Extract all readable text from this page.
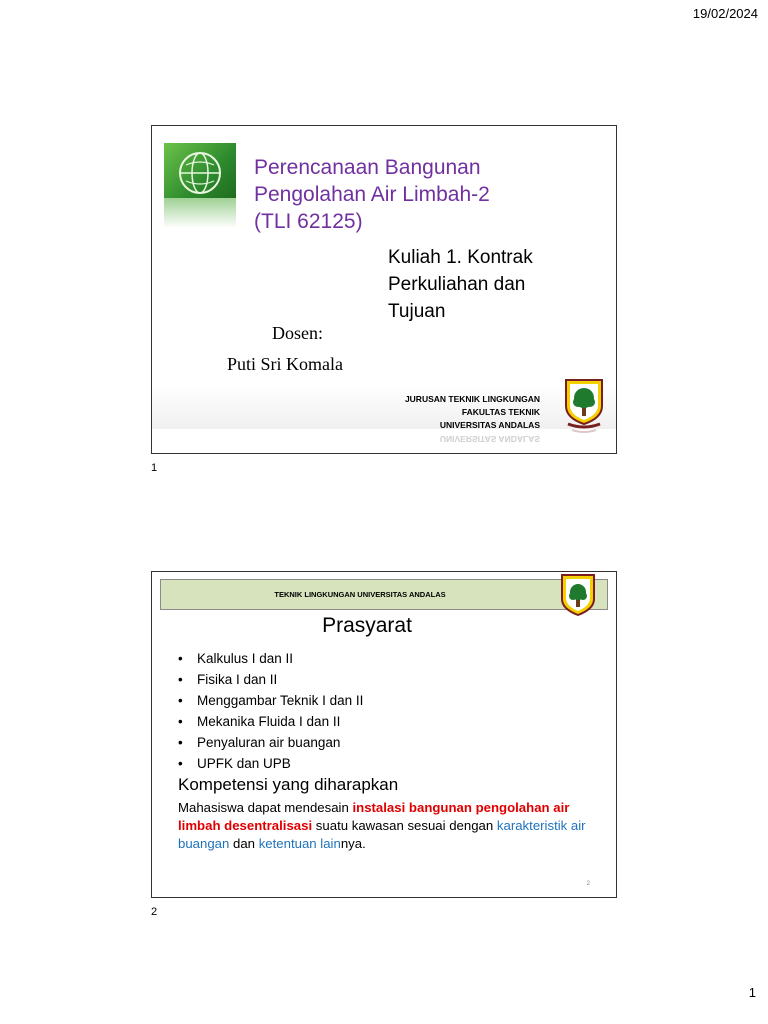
19/02/2024
Perencanaan Bangunan
Pengolahan Air Limbah-2
(TLI 62125)
Kuliah 1. Kontrak
Perkuliahan dan
Tujuan
Dosen:
Puti Sri Komala
JURUSAN TEKNIK LINGKUNGAN
FAKULTAS TEKNIK
UNIVERSITAS ANDALAS
UNIVERSITAS ANDALAS
1
TEKNIK LINGKUNGAN UNIVERSITAS ANDALAS
Prasyarat
• Kalkulus I dan II
• Fisika I dan II
• Menggambar Teknik I dan II
• Mekanika Fluida I dan II
• Penyaluran air buangan
• UPFK dan UPB
Kompetensi yang diharapkan
Mahasiswa dapat mendesain instalasi bangunan pengolahan air limbah desentralisasi suatu kawasan sesuai dengan karakteristik air buangan dan ketentuan lainnya.
2
2
1
